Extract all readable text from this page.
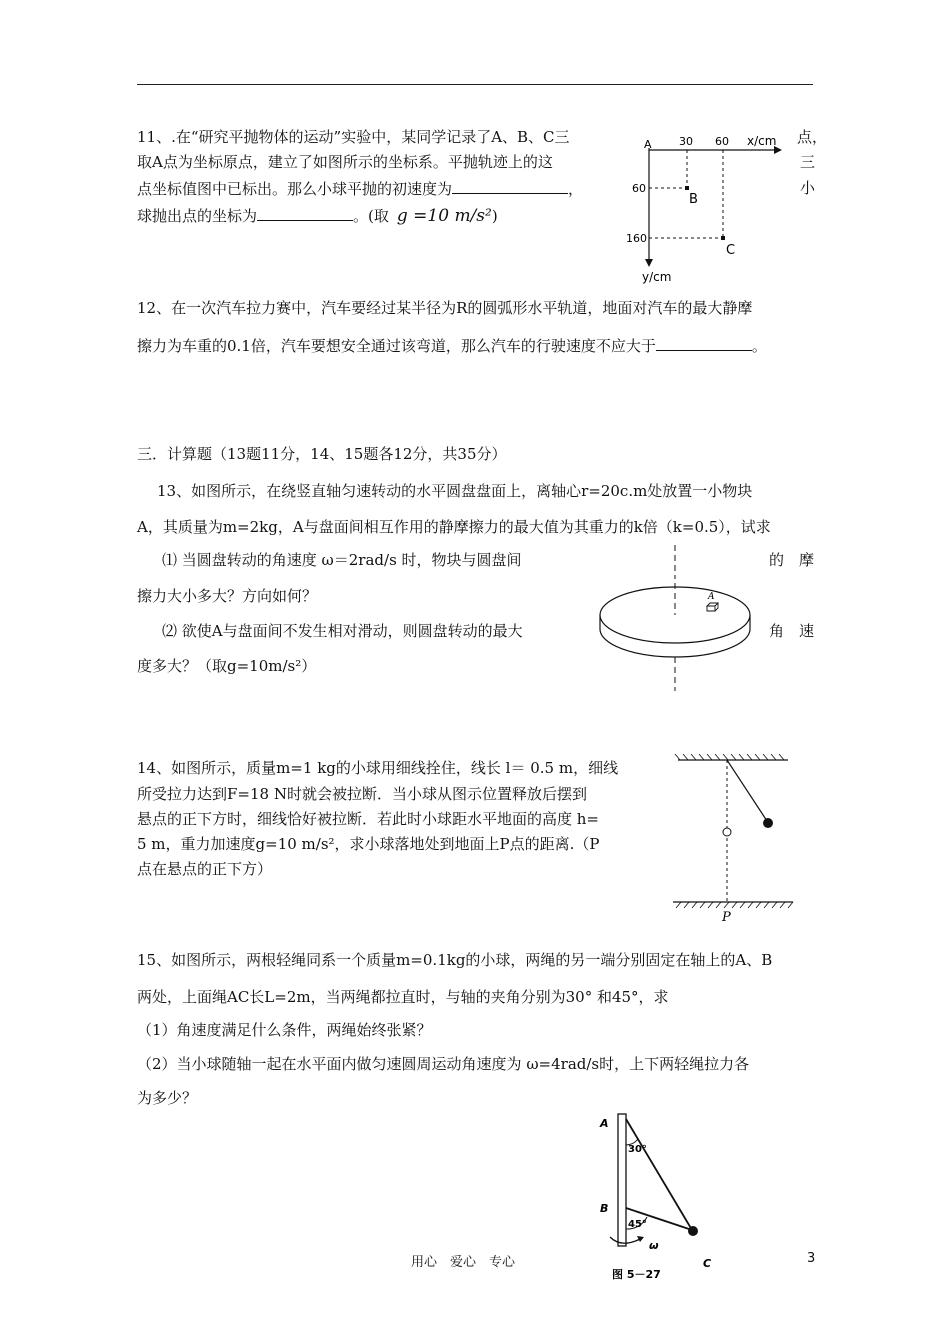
11、.在“研究平抛物体的运动”实验中，某同学记录了A、B、C三	点，
取A点为坐标原点，建立了如图所示的坐标系。平抛轨迹上的这	三
点坐标值图中已标出。那么小球平抛的初速度为	，	小
球抛出点的坐标为	。(取 g =10 m/s²)
A 30 60 x/cm
60
160
B
C
y/cm
12、在一次汽车拉力赛中，汽车要经过某半径为R的圆弧形水平轨道，地面对汽车的最大静摩
擦力为车重的0.1倍，汽车要想安全通过该弯道，那么汽车的行驶速度不应大于	。
三．计算题（13题11分，14、15题各12分，共35分）
13、如图所示，在绕竖直轴匀速转动的水平圆盘盘面上，离轴心r=20c.m处放置一小物块
A，其质量为m=2kg，A与盘面间相互作用的静摩擦力的最大值为其重力的k倍（k=0.5），试求
⑴ 当圆盘转动的角速度 ω＝2rad/s 时，物块与圆盘间	的　摩
擦力大小多大？方向如何？
⑵ 欲使A与盘面间不发生相对滑动，则圆盘转动的最大	角　速
度多大？（取g=10m/s²）
A
14、如图所示，质量m=1 kg的小球用细线拴住，线长 l＝ 0.5 m，细线
所受拉力达到F=18 N时就会被拉断．当小球从图示位置释放后摆到
悬点的正下方时，细线恰好被拉断．若此时小球距水平地面的高度 h=
5 m，重力加速度g=10 m/s²，求小球落地处到地面上P点的距离.（P
点在悬点的正下方）
P
15、如图所示，两根轻绳同系一个质量m=0.1kg的小球，两绳的另一端分别固定在轴上的A、B
两处，上面绳AC长L=2m，当两绳都拉直时，与轴的夹角分别为30° 和45°，求
（1）角速度满足什么条件，两绳始终张紧？
（2）当小球随轴一起在水平面内做匀速圆周运动角速度为 ω=4rad/s时，上下两轻绳拉力各
为多少？
A
B
C
30°
45°
ω
图 5－27
用心　爱心　专心	3
